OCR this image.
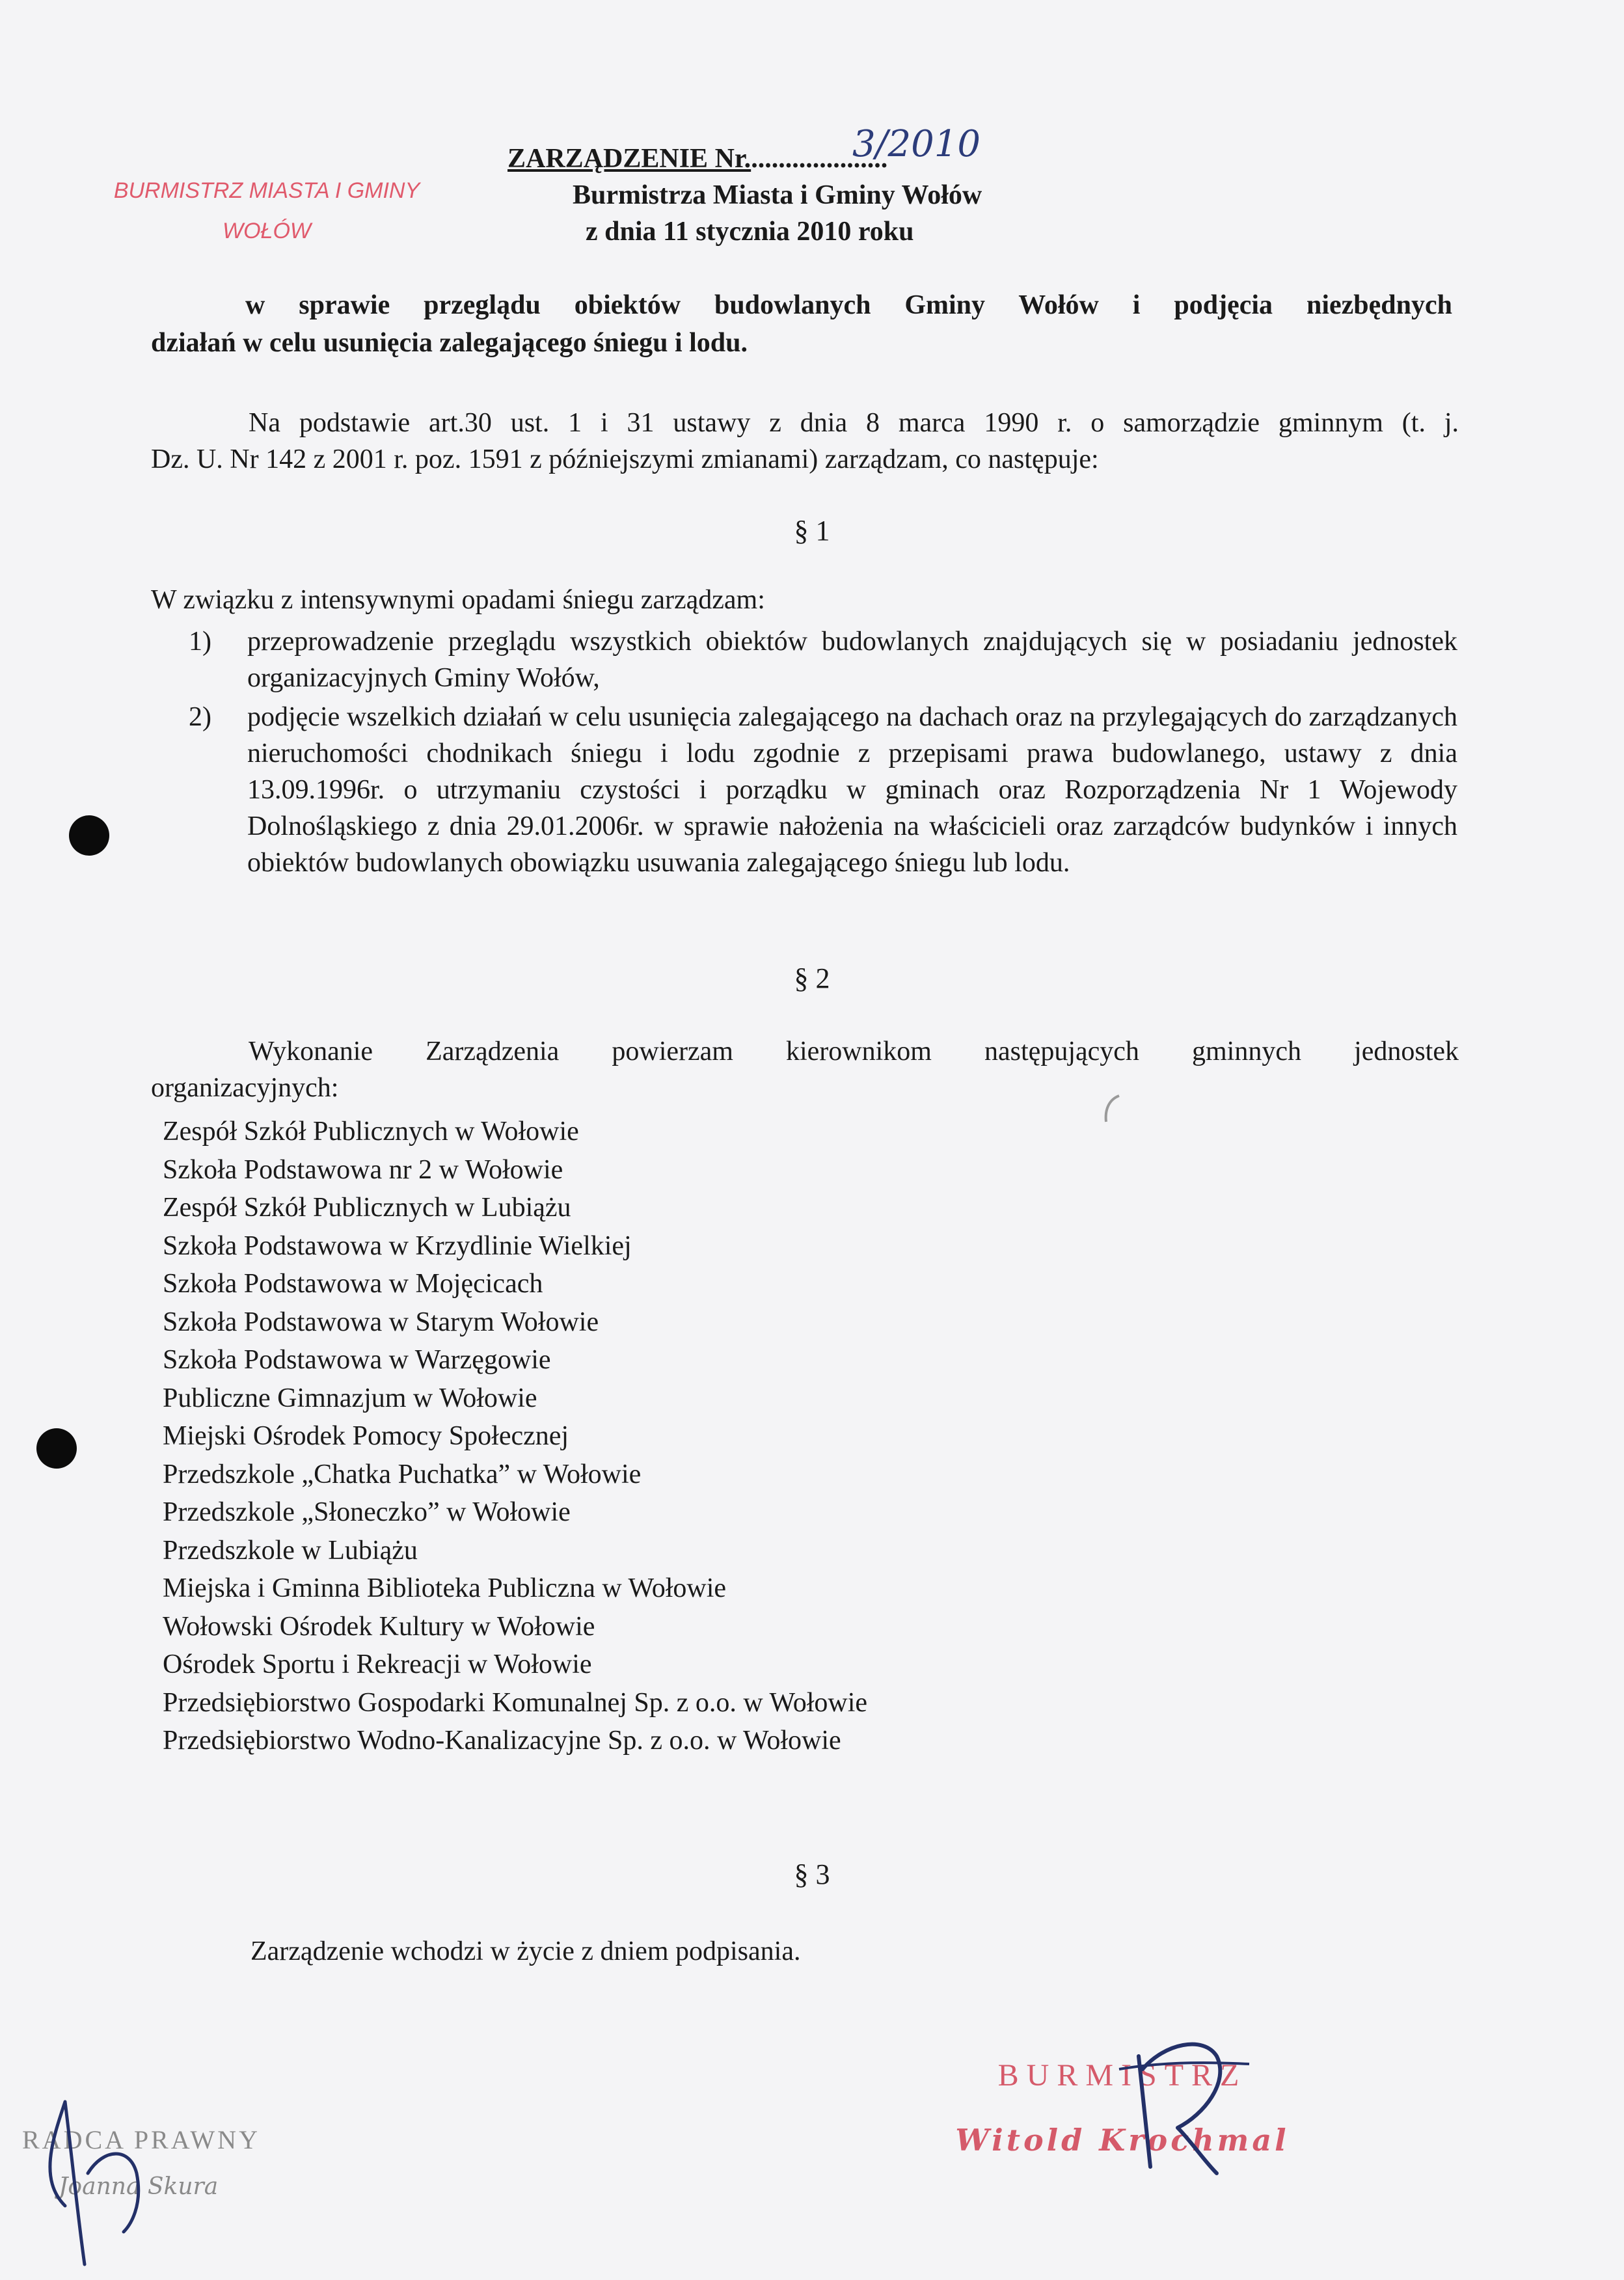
BURMISTRZ MIASTA I GMINY
WOŁÓW
ZARZĄDZENIE Nr.....................
3/2010
Burmistrza Miasta i Gminy Wołów
z dnia 11 stycznia 2010 roku
w sprawie przeglądu obiektów budowlanych Gminy Wołów i podjęcia niezbędnych
działań w celu usunięcia zalegającego śniegu i lodu.
Na podstawie art.30 ust. 1 i 31 ustawy z dnia 8 marca 1990 r. o samorządzie gminnym (t. j.
Dz. U. Nr 142 z 2001 r. poz. 1591 z późniejszymi zmianami) zarządzam, co następuje:
§ 1
W związku z intensywnymi opadami śniegu zarządzam:
1) przeprowadzenie przeglądu wszystkich obiektów budowlanych znajdujących się w posiadaniu jednostek organizacyjnych Gminy Wołów,
2) podjęcie wszelkich działań w celu usunięcia zalegającego na dachach oraz na przylegających do zarządzanych nieruchomości chodnikach śniegu i lodu zgodnie z przepisami prawa budowlanego, ustawy z dnia 13.09.1996r. o utrzymaniu czystości i porządku w gminach oraz Rozporządzenia Nr 1 Wojewody Dolnośląskiego z dnia 29.01.2006r. w sprawie nałożenia na właścicieli oraz zarządców budynków i innych obiektów budowlanych obowiązku usuwania zalegającego śniegu lub lodu.
§ 2
Wykonanie Zarządzenia powierzam kierownikom następujących gminnych jednostek
organizacyjnych:
Zespół Szkół Publicznych w Wołowie
Szkoła Podstawowa nr 2 w Wołowie
Zespół Szkół Publicznych w Lubiążu
Szkoła Podstawowa w Krzydlinie Wielkiej
Szkoła Podstawowa w Mojęcicach
Szkoła Podstawowa w Starym Wołowie
Szkoła Podstawowa w Warzęgowie
Publiczne Gimnazjum w Wołowie
Miejski Ośrodek Pomocy Społecznej
Przedszkole „Chatka Puchatka” w Wołowie
Przedszkole „Słoneczko” w Wołowie
Przedszkole w Lubiążu
Miejska i Gminna Biblioteka Publiczna w Wołowie
Wołowski Ośrodek Kultury w Wołowie
Ośrodek Sportu i Rekreacji w Wołowie
Przedsiębiorstwo Gospodarki Komunalnej Sp. z o.o. w Wołowie
Przedsiębiorstwo Wodno-Kanalizacyjne Sp. z o.o. w Wołowie
§ 3
Zarządzenie wchodzi w życie z dniem podpisania.
BURMISTRZ
Witold Krochmal
RADCA PRAWNY
Joanna Skura
